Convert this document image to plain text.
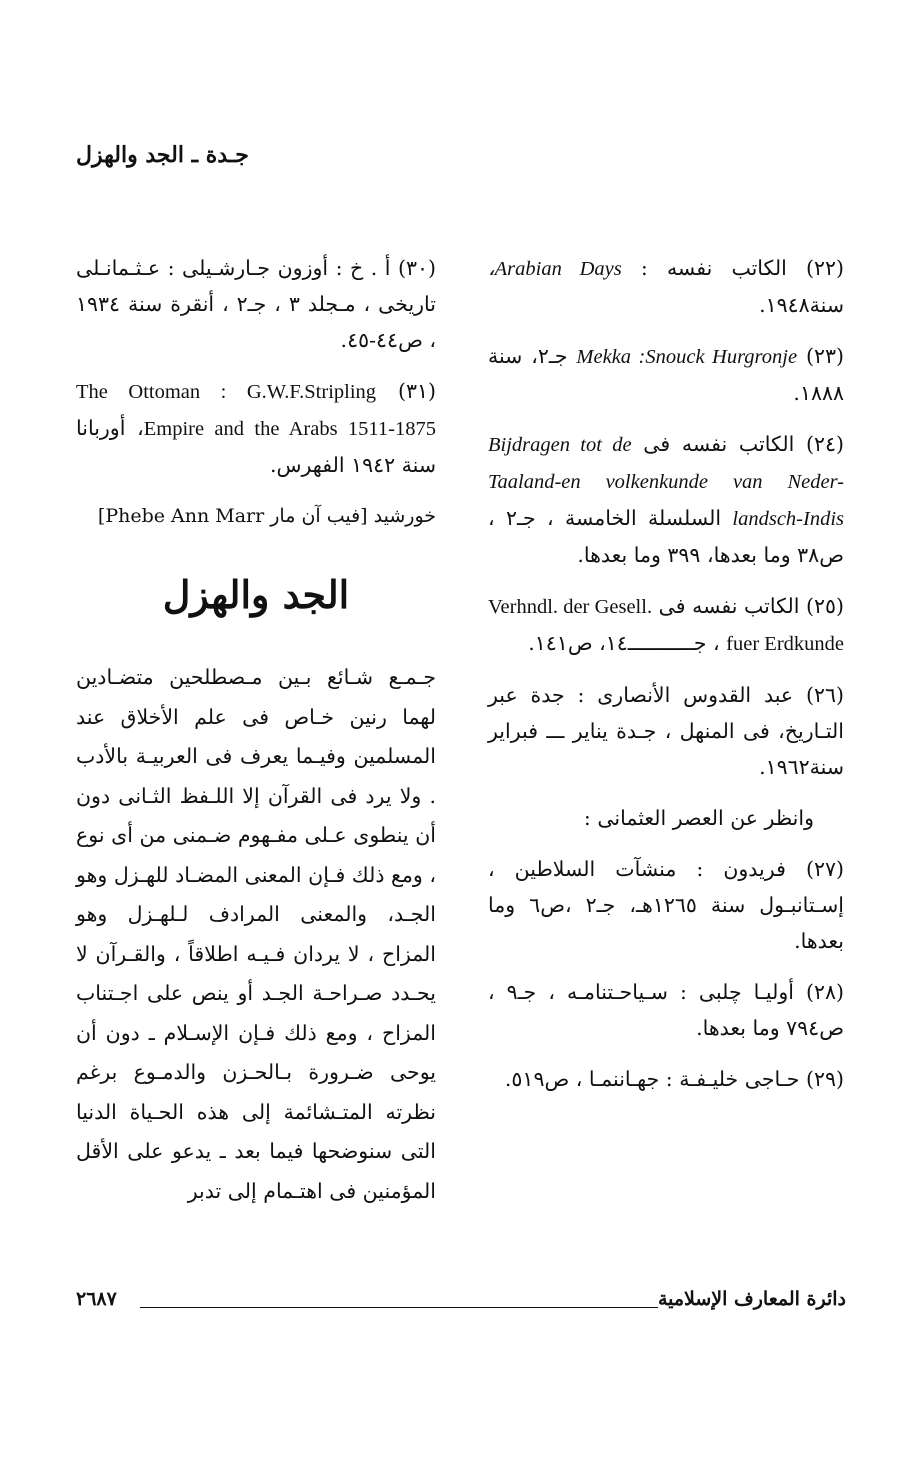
جـدة ـ الجد والهزل

(٢٢) الكاتب نفسه : Arabian Days، سنة١٩٤٨.

(٢٣) Mekka :Snouck Hurgronje جـ٢، سنة ١٨٨٨.

(٢٤) الكاتب نفسه فى Bijdragen tot de Taaland-en volkenkunde van Neder-landsch-Indis السلسلة الخامسة ، جـ٢ ، ص٣٨ وما بعدها، ٣٩٩ وما بعدها.

(٢٥) الكاتب نفسه فى Verhndl. der Gesell. fuer Erdkunde ، جـــــــــــ١٤، ص١٤١.

(٢٦) عبد القدوس الأنصارى : جدة عبر التـاريخ، فى المنهل ، جـدة يناير ـــ فبراير سنة١٩٦٢.

وانظر عن العصر العثمانى :

(٢٧) فريدون : منشآت السلاطين ، إسـتانبـول سنة ١٢٦٥هـ، جـ٢ ،ص٦ وما بعدها.

(٢٨) أوليـا چلبى : سـياحـتنامـه ، جـ٩ ، ص٧٩٤ وما بعدها.

(٢٩) حـاجى خليـفـة : جهـاننمـا ، ص٥١٩.

(٣٠) أ . خ : أوزون جـارشـيلى : عـثـمانـلى تاريخى ، مـجلد ٣ ، جـ٢ ، أنقرة سنة ١٩٣٤ ، ص٤٤-٤٥.

(٣١) The Ottoman : G.W.F.Stripling Empire and the Arabs 1511-1875، أوربانا سنة ١٩٤٢ الفهرس.

خورشيد [فيب آن مار Phebe Ann Marr]

الجد والهزل

جـمـع شـائع بـين مـصطلحين متضـادين لهما رنين خـاص فى علم الأخلاق عند المسلمين وفيـما يعرف فى العربيـة بالأدب . ولا يرد فى القرآن إلا اللـفظ الثـانى دون أن ينطوى عـلى مفـهوم ضـمنى من أى نوع ، ومع ذلك فـإن المعنى المضـاد للهـزل وهو الجـد، والمعنى المرادف لـلهـزل وهو المزاح ، لا يردان فـيـه اطلاقاً ، والقـرآن لا يحـدد صـراحـة الجـد أو ينص على اجـتناب المزاح ، ومع ذلك فـإن الإسـلام ـ دون أن يوحى ضـرورة بـالحـزن والدمـوع برغم نظرته المتـشائمة إلى هذه الحـياة الدنيا التى سنوضحها فيما بعد ـ يدعو على الأقل المؤمنين فى اهتـمام إلى تدبر

دائرة المعارف الإسلامية
٢٦٨٧
